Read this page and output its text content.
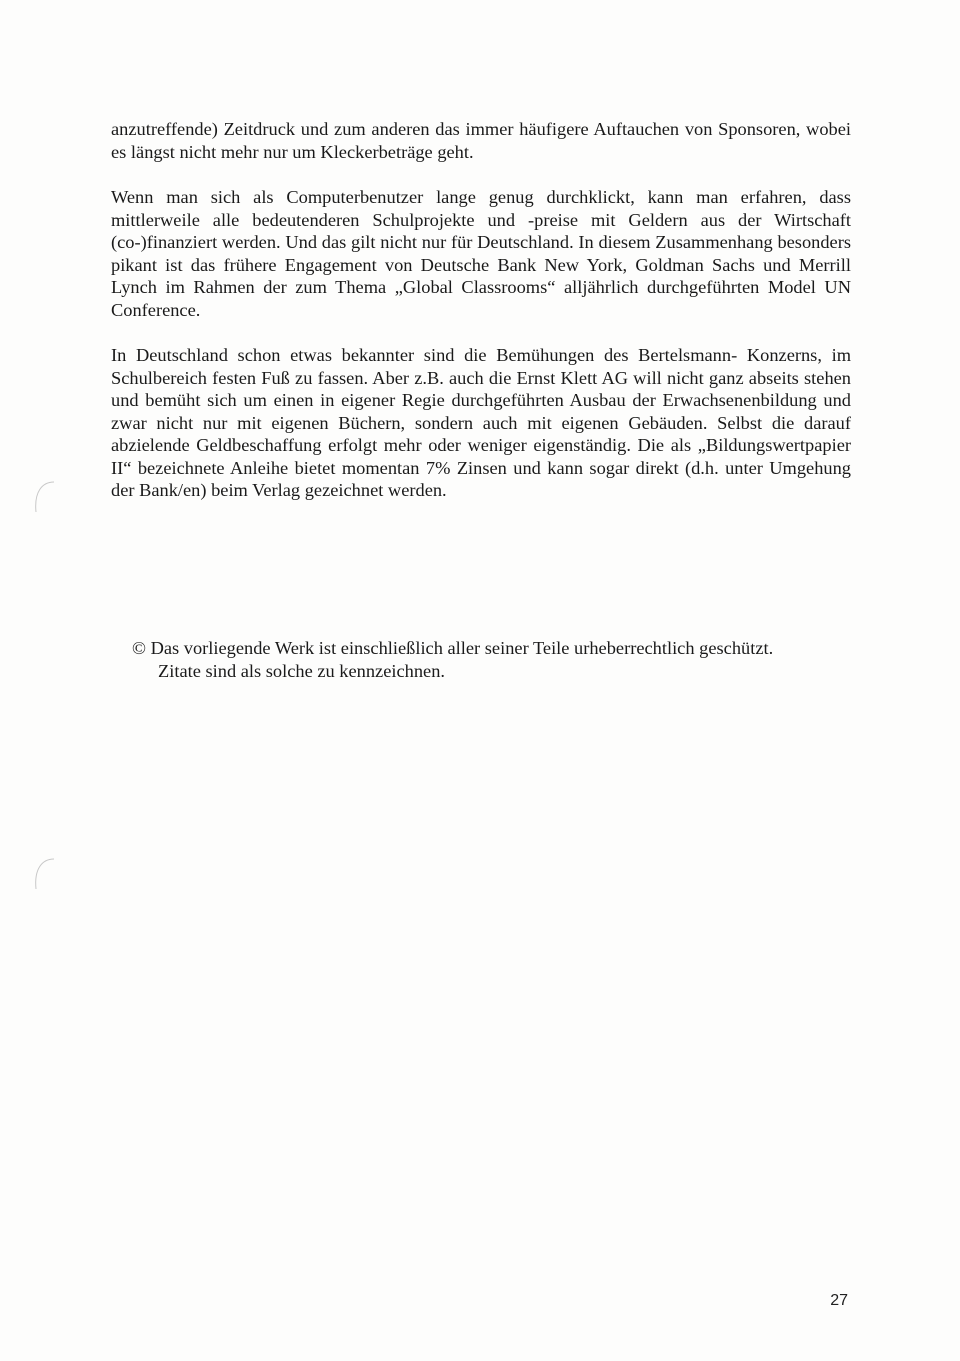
anzutreffende) Zeitdruck und zum anderen das immer häufigere Auftauchen von Sponsoren, wobei es längst nicht mehr nur um Kleckerbeträge geht.

Wenn man sich als Computerbenutzer lange genug durchklickt, kann man erfahren, dass mittlerweile alle bedeutenderen Schulprojekte und -preise mit Geldern aus der Wirtschaft (co-)finanziert werden. Und das gilt nicht nur für Deutschland. In diesem Zusammenhang besonders pikant ist das frühere Engagement von Deutsche Bank New York, Goldman Sachs und Merrill Lynch im Rahmen der zum Thema „Global Classrooms“ alljährlich durchgeführten Model UN Conference.

In Deutschland schon etwas bekannter sind die Bemühungen des Bertelsmann- Konzerns, im Schulbereich festen Fuß zu fassen. Aber z.B. auch die Ernst Klett AG will nicht ganz abseits stehen und bemüht sich um einen in eigener Regie durchgeführten Ausbau der Erwachsenenbildung und zwar nicht nur mit eigenen Büchern, sondern auch mit eigenen Gebäuden. Selbst die darauf abzielende Geldbeschaffung erfolgt mehr oder weniger eigenständig. Die als „Bildungswertpapier II“ bezeichnete Anleihe bietet momentan 7% Zinsen und kann sogar direkt (d.h. unter Umgehung der Bank/en) beim Verlag gezeichnet werden.

© Das vorliegende Werk ist einschließlich aller seiner Teile urheberrechtlich geschützt.
Zitate sind als solche zu kennzeichnen.

27
